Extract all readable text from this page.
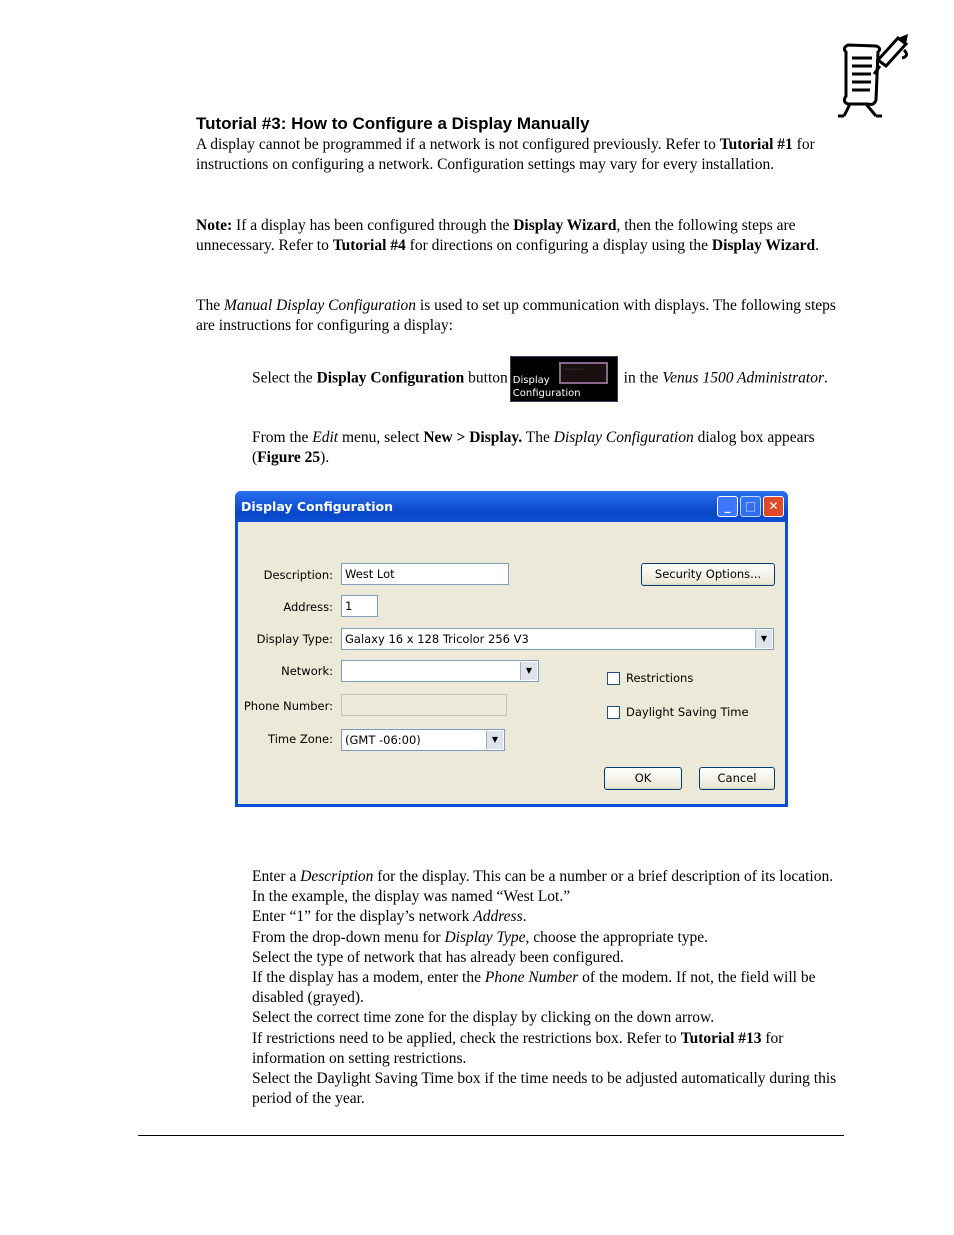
Tutorial #3: How to Configure a Display Manually
A display cannot be programmed if a network is not configured previously. Refer to Tutorial #1 for instructions on configuring a network. Configuration settings may vary for every installation.
Note: If a display has been configured through the Display Wizard, then the following steps are unnecessary. Refer to Tutorial #4 for directions on configuring a display using the Display Wizard.
The Manual Display Configuration is used to set up communication with displays. The following steps are instructions for configuring a display:
Select the Display Configuration button
⋯⋯⋯
Display
Configuration
in the Venus 1500 Administrator.
From the Edit menu, select New > Display. The Display Configuration dialog box appears (Figure 25).
Display Configuration	_	□	✕
Description:	West Lot
Address:	1
Display Type:	Galaxy 16 x 128 Tricolor 256 V3	▼
Network:	▼
Phone Number:
Time Zone:	(GMT -06:00)	▼
Security Options...
Restrictions
Daylight Saving Time
OK	Cancel
Enter a Description for the display. This can be a number or a brief description of its location. In the example, the display was named “West Lot.”
Enter “1” for the display’s network Address.
From the drop-down menu for Display Type, choose the appropriate type.
Select the type of network that has already been configured.
If the display has a modem, enter the Phone Number of the modem. If not, the field will be disabled (grayed).
Select the correct time zone for the display by clicking on the down arrow.
If restrictions need to be applied, check the restrictions box. Refer to Tutorial #13 for information on setting restrictions.
Select the Daylight Saving Time box if the time needs to be adjusted automatically during this period of the year.
